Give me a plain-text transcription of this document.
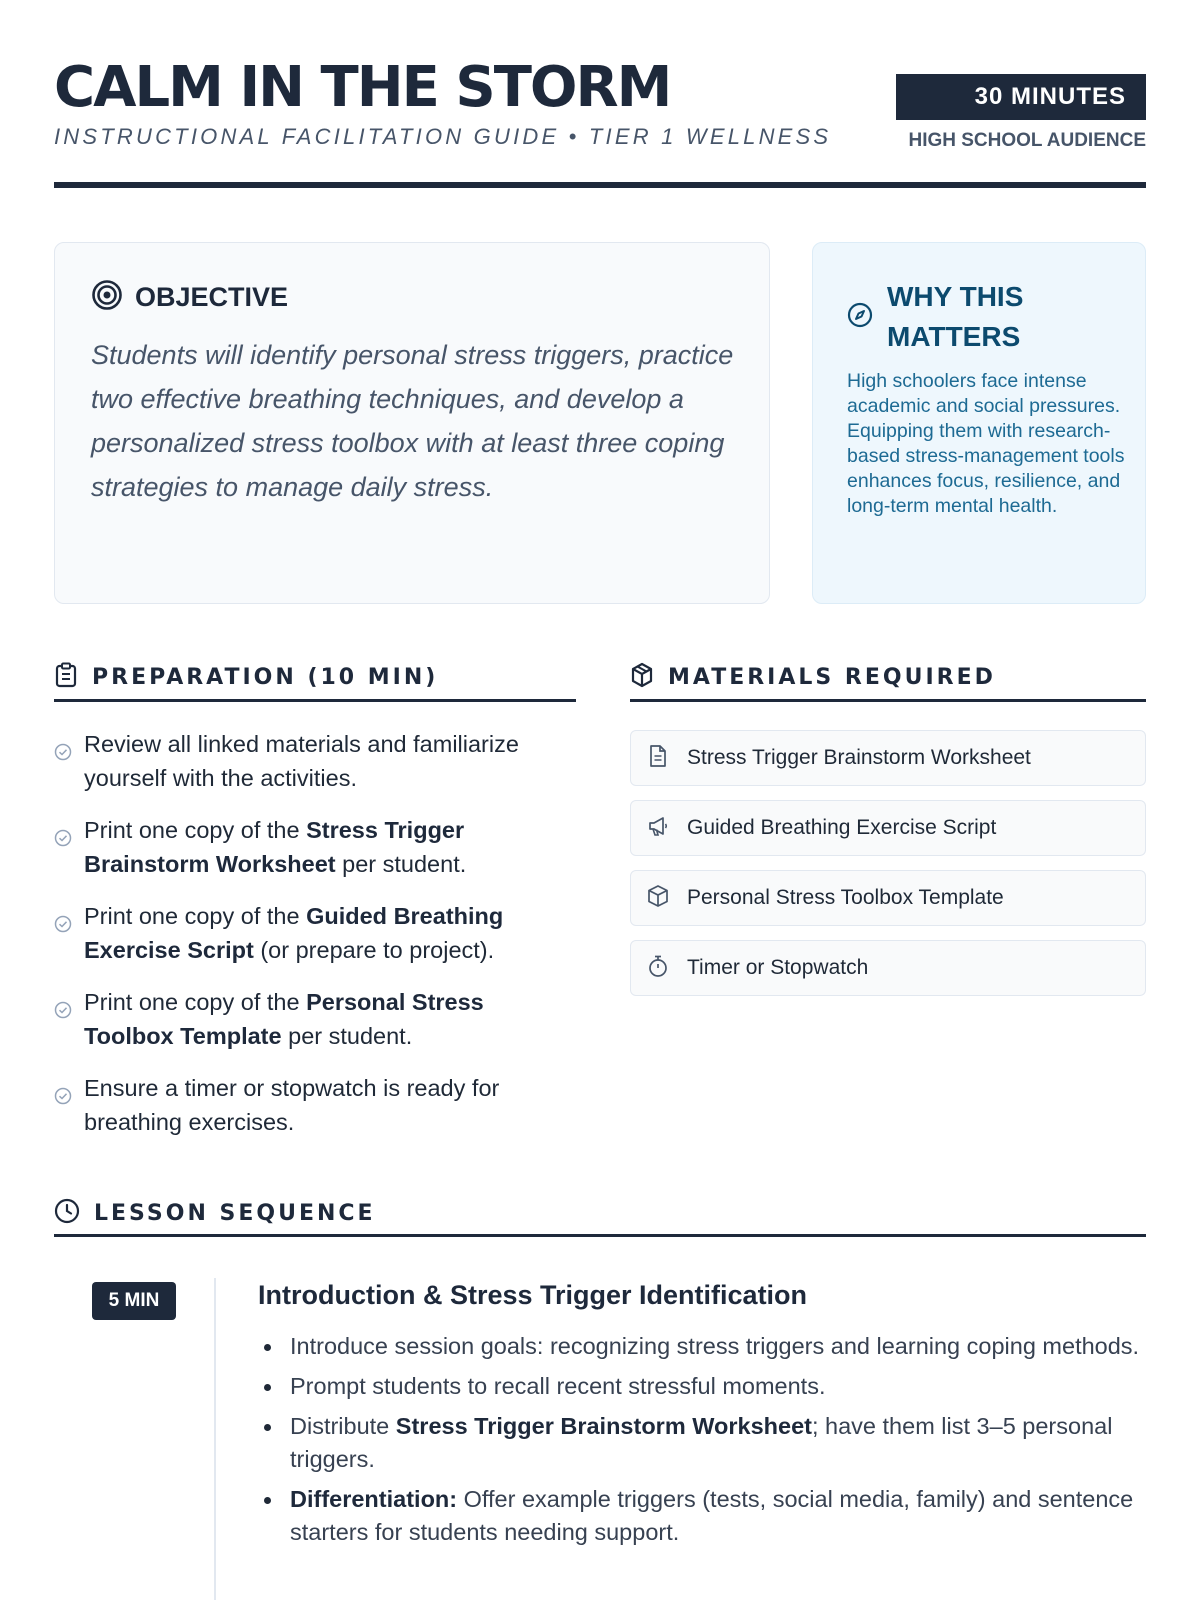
CALM IN THE STORM
INSTRUCTIONAL FACILITATION GUIDE • TIER 1 WELLNESS
30 MINUTES
HIGH SCHOOL AUDIENCE
OBJECTIVE

Students will identify personal stress triggers, practice two effective breathing techniques, and develop a personalized stress toolbox with at least three coping strategies to manage daily stress.

WHY THIS MATTERS

High schoolers face intense academic and social pressures. Equipping them with research-based stress-management tools enhances focus, resilience, and long-term mental health.

PREPARATION (10 MIN)
Review all linked materials and familiarize yourself with the activities.
Print one copy of the Stress Trigger Brainstorm Worksheet per student.
Print one copy of the Guided Breathing Exercise Script (or prepare to project).
Print one copy of the Personal Stress Toolbox Template per student.
Ensure a timer or stopwatch is ready for breathing exercises.
MATERIALS REQUIRED
Stress Trigger Brainstorm Worksheet
Guided Breathing Exercise Script
Personal Stress Toolbox Template
Timer or Stopwatch
LESSON SEQUENCE
5 MIN	Introduction & Stress Trigger Identification
Introduce session goals: recognizing stress triggers and learning coping methods.
Prompt students to recall recent stressful moments.
Distribute Stress Trigger Brainstorm Worksheet; have them list 3–5 personal triggers.
Differentiation: Offer example triggers (tests, social media, family) and sentence starters for students needing support.
